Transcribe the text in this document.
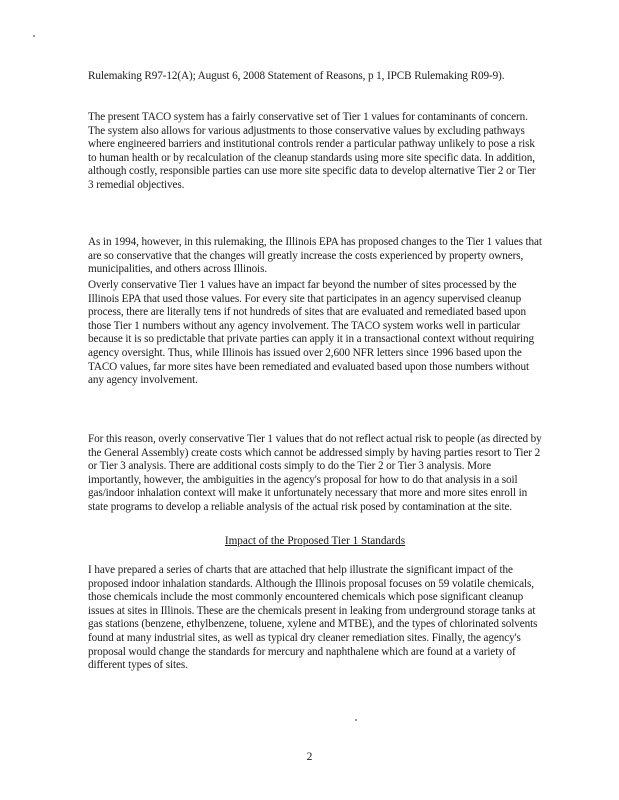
Rulemaking R97-12(A); August 6, 2008 Statement of Reasons, p 1, IPCB Rulemaking R09-9).

The present TACO system has a fairly conservative set of Tier 1 values for contaminants of concern. The system also allows for various adjustments to those conservative values by excluding pathways where engineered barriers and institutional controls render a particular pathway unlikely to pose a risk to human health or by recalculation of the cleanup standards using more site specific data. In addition, although costly, responsible parties can use more site specific data to develop alternative Tier 2 or Tier 3 remedial objectives.

As in 1994, however, in this rulemaking, the Illinois EPA has proposed changes to the Tier 1 values that are so conservative that the changes will greatly increase the costs experienced by property owners, municipalities, and others across Illinois.

Overly conservative Tier 1 values have an impact far beyond the number of sites processed by the Illinois EPA that used those values. For every site that participates in an agency supervised cleanup process, there are literally tens if not hundreds of sites that are evaluated and remediated based upon those Tier 1 numbers without any agency involvement. The TACO system works well in particular because it is so predictable that private parties can apply it in a transactional context without requiring agency oversight. Thus, while Illinois has issued over 2,600 NFR letters since 1996 based upon the TACO values, far more sites have been remediated and evaluated based upon those numbers without any agency involvement.

For this reason, overly conservative Tier 1 values that do not reflect actual risk to people (as directed by the General Assembly) create costs which cannot be addressed simply by having parties resort to Tier 2 or Tier 3 analysis. There are additional costs simply to do the Tier 2 or Tier 3 analysis. More importantly, however, the ambiguities in the agency's proposal for how to do that analysis in a soil gas/indoor inhalation context will make it unfortunately necessary that more and more sites enroll in state programs to develop a reliable analysis of the actual risk posed by contamination at the site.

Impact of the Proposed Tier 1 Standards

I have prepared a series of charts that are attached that help illustrate the significant impact of the proposed indoor inhalation standards. Although the Illinois proposal focuses on 59 volatile chemicals, those chemicals include the most commonly encountered chemicals which pose significant cleanup issues at sites in Illinois. These are the chemicals present in leaking from underground storage tanks at gas stations (benzene, ethylbenzene, toluene, xylene and MTBE), and the types of chlorinated solvents found at many industrial sites, as well as typical dry cleaner remediation sites. Finally, the agency's proposal would change the standards for mercury and naphthalene which are found at a variety of different types of sites.

2
